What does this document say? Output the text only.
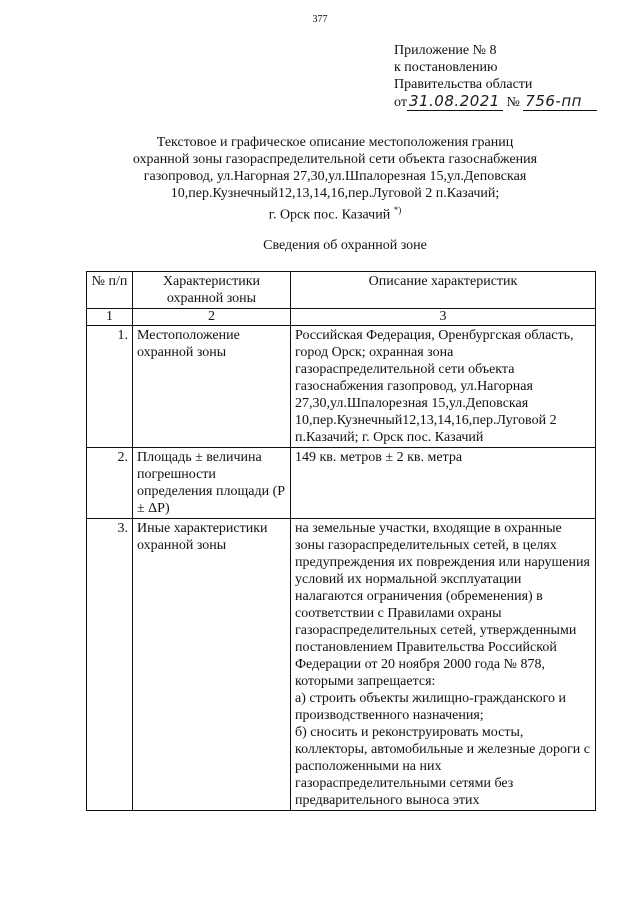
377
Приложение № 8
к постановлению
Правительства области
от 31.08.2021 № 756-пп
Текстовое и графическое описание местоположения границ
охранной зоны газораспределительной сети объекта газоснабжения
газопровод, ул.Нагорная 27,30,ул.Шпалорезная 15,ул.Деповская
10,пер.Кузнечный12,13,14,16,пер.Луговой 2 п.Казачий;
г. Орск пос. Казачий *)
Сведения об охранной зоне
№ п/п	Характеристики охранной зоны	Описание характеристик
1	2	3
1.	Местоположение охранной зоны	Российская Федерация, Оренбургская область, город Орск; охранная зона газораспределительной сети объекта газоснабжения газопровод, ул.Нагорная 27,30,ул.Шпалорезная 15,ул.Деповская 10,пер.Кузнечный12,13,14,16,пер.Луговой 2 п.Казачий; г. Орск пос. Казачий
2.	Площадь ± величина погрешности определения площади (Р ± ΔР)	149 кв. метров ± 2 кв. метра
3.	Иные характеристики охранной зоны	на земельные участки, входящие в охранные зоны газораспределительных сетей, в целях предупреждения их повреждения или нарушения условий их нормальной эксплуатации налагаются ограничения (обременения) в соответствии с Правилами охраны газораспределительных сетей, утвержденными постановлением Правительства Российской Федерации от 20 ноября 2000 года № 878, которыми запрещается:
а) строить объекты жилищно-гражданского и производственного назначения;
б) сносить и реконструировать мосты, коллекторы, автомобильные и железные дороги с расположенными на них газораспределительными сетями без предварительного выноса этих
